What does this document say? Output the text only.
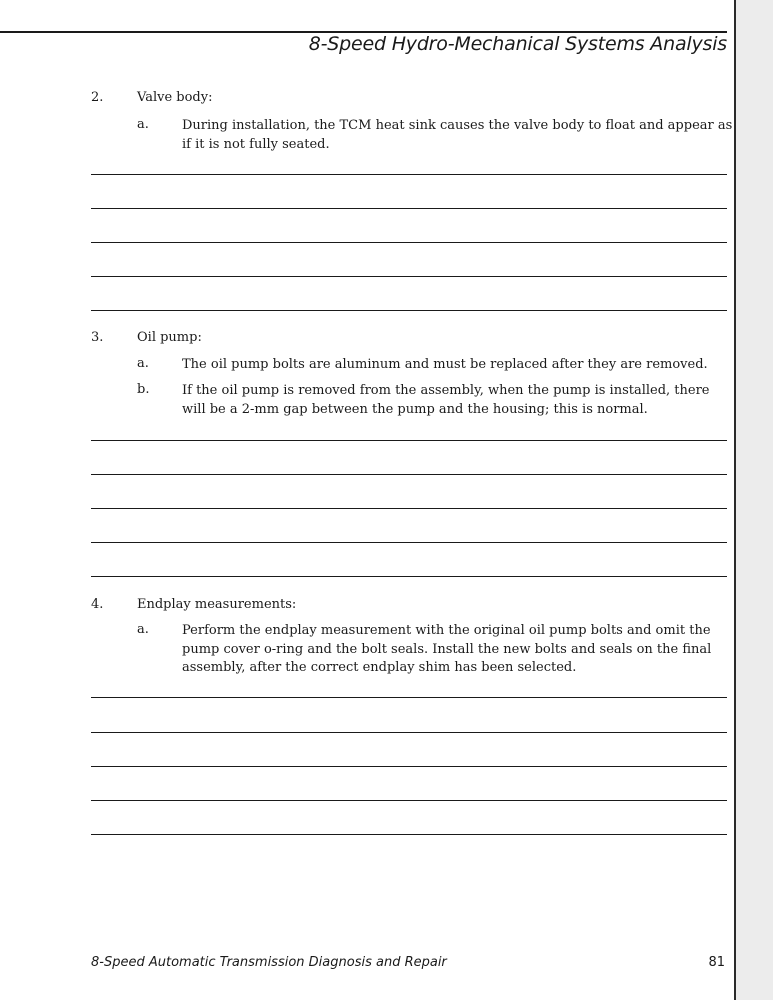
8-Speed Hydro-Mechanical Systems Analysis
2.	Valve body:
a.	During installation, the TCM heat sink causes the valve body to float and appear as if it is not fully seated.
3.	Oil pump:
a.	The oil pump bolts are aluminum and must be replaced after they are removed.
b.	If the oil pump is removed from the assembly, when the pump is installed, there will be a 2-mm gap between the pump and the housing; this is normal.
4.	Endplay measurements:
a.	Perform the endplay measurement with the original oil pump bolts and omit the pump cover o-ring and the bolt seals. Install the new bolts and seals on the final assembly, after the correct endplay shim has been selected.
8-Speed Automatic Transmission Diagnosis and Repair	81
